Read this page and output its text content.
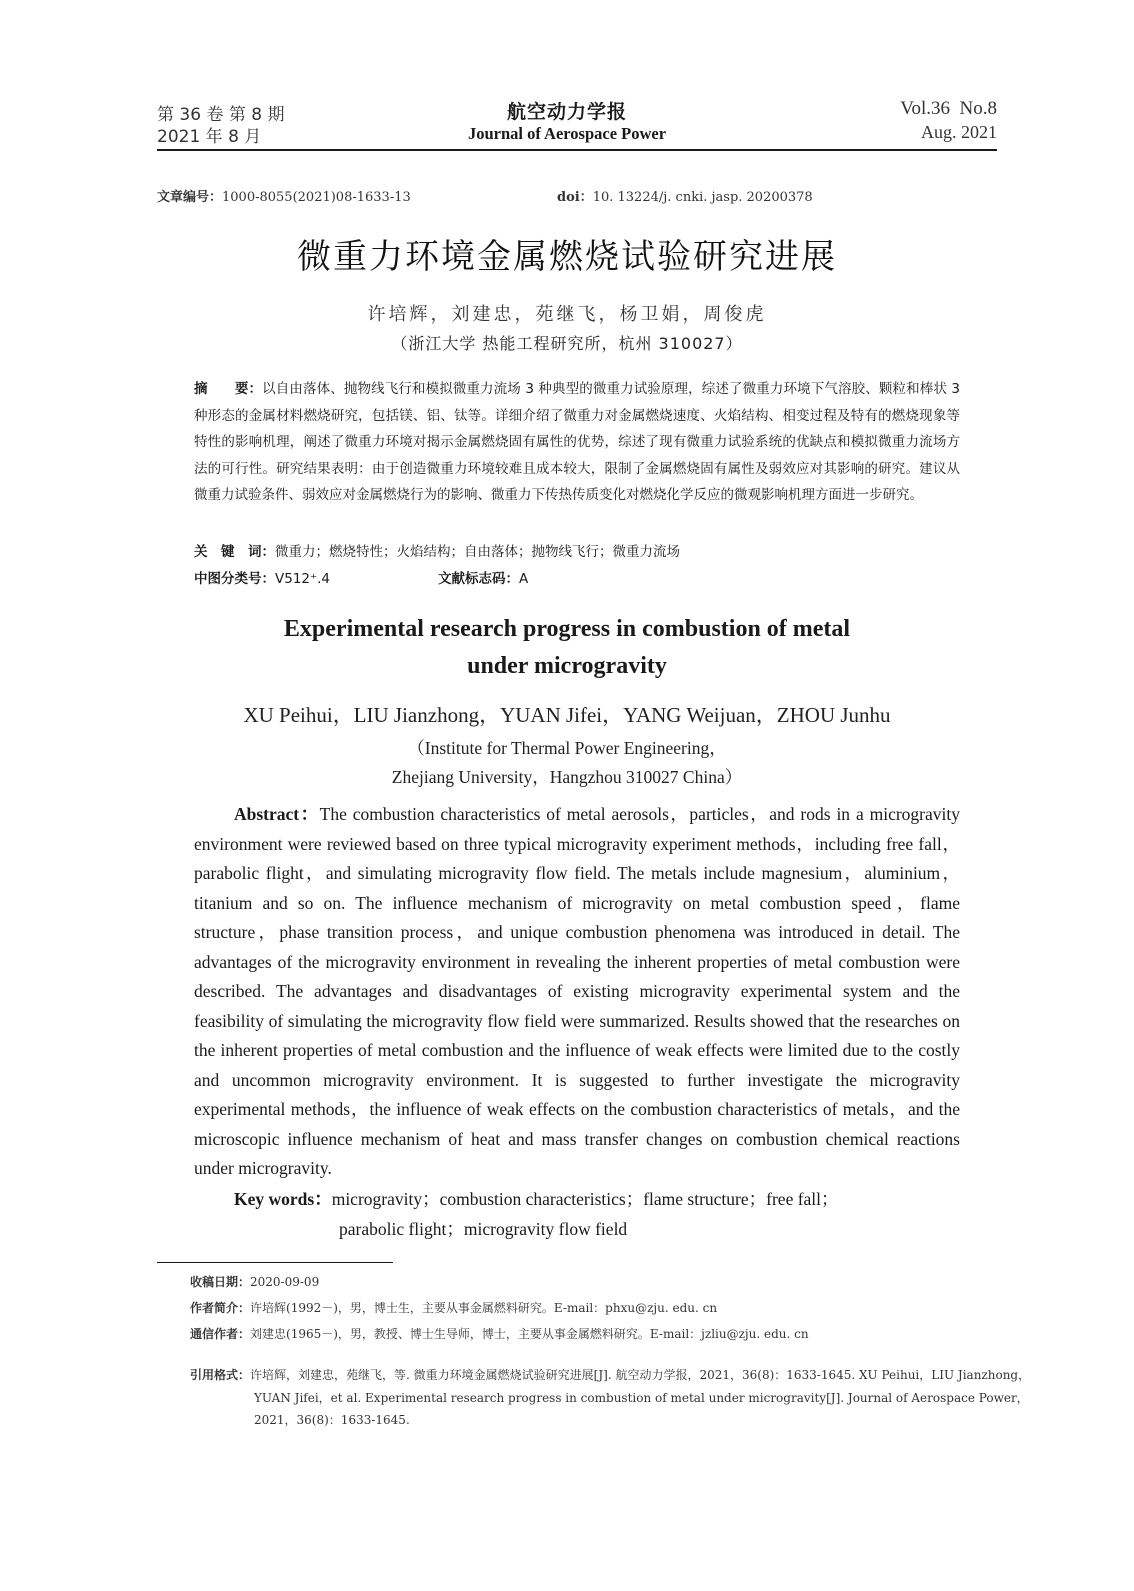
第 36 卷 第 8 期
2021 年 8 月
航空动力学报
Journal of Aerospace Power
Vol.36  No.8
Aug. 2021
文章编号：1000-8055(2021)08-1633-13	doi：10. 13224/j. cnki. jasp. 20200378
微重力环境金属燃烧试验研究进展
许培辉，刘建忠，苑继飞，杨卫娟，周俊虎
（浙江大学 热能工程研究所，杭州 310027）
摘　　要：以自由落体、抛物线飞行和模拟微重力流场 3 种典型的微重力试验原理，综述了微重力环境下气溶胶、颗粒和棒状 3 种形态的金属材料燃烧研究，包括镁、铝、钛等。详细介绍了微重力对金属燃烧速度、火焰结构、相变过程及特有的燃烧现象等特性的影响机理，阐述了微重力环境对揭示金属燃烧固有属性的优势，综述了现有微重力试验系统的优缺点和模拟微重力流场方法的可行性。研究结果表明：由于创造微重力环境较难且成本较大，限制了金属燃烧固有属性及弱效应对其影响的研究。建议从微重力试验条件、弱效应对金属燃烧行为的影响、微重力下传热传质变化对燃烧化学反应的微观影响机理方面进一步研究。
关　键　词：微重力；燃烧特性；火焰结构；自由落体；抛物线飞行；微重力流场
中图分类号：V512⁺.4	文献标志码：A
Experimental research progress in combustion of metal
under microgravity
XU Peihui，LIU Jianzhong，YUAN Jifei，YANG Weijuan，ZHOU Junhu
（Institute for Thermal Power Engineering，
Zhejiang University，Hangzhou 310027 China）
Abstract：The combustion characteristics of metal aerosols，particles，and rods in a microgravity environment were reviewed based on three typical microgravity experiment methods，including free fall，parabolic flight，and simulating microgravity flow field. The metals include magnesium，aluminium，titanium and so on. The influence mechanism of microgravity on metal combustion speed，flame structure，phase transition process，and unique combustion phenomena was introduced in detail. The advantages of the microgravity environment in revealing the inherent properties of metal combustion were described. The advantages and disadvantages of existing microgravity experimental system and the feasibility of simulating the microgravity flow field were summarized. Results showed that the researches on the inherent properties of metal combustion and the influence of weak effects were limited due to the costly and uncommon microgravity environment. It is suggested to further investigate the microgravity experimental methods，the influence of weak effects on the combustion characteristics of metals，and the microscopic influence mechanism of heat and mass transfer changes on combustion chemical reactions under microgravity.
Key words：microgravity；combustion characteristics；flame structure；free fall；
parabolic flight；microgravity flow field
收稿日期：2020-09-09
作者简介：许培辉(1992－)，男，博士生，主要从事金属燃料研究。E-mail：phxu@zju. edu. cn
通信作者：刘建忠(1965－)，男，教授、博士生导师，博士，主要从事金属燃料研究。E-mail：jzliu@zju. edu. cn
引用格式：许培辉，刘建忠，苑继飞，等. 微重力环境金属燃烧试验研究进展[J]. 航空动力学报，2021，36(8)：1633-1645. XU Peihui，LIU Jianzhong，YUAN Jifei，et al. Experimental research progress in combustion of metal under microgravity[J]. Journal of Aerospace Power，2021，36(8)：1633-1645.
